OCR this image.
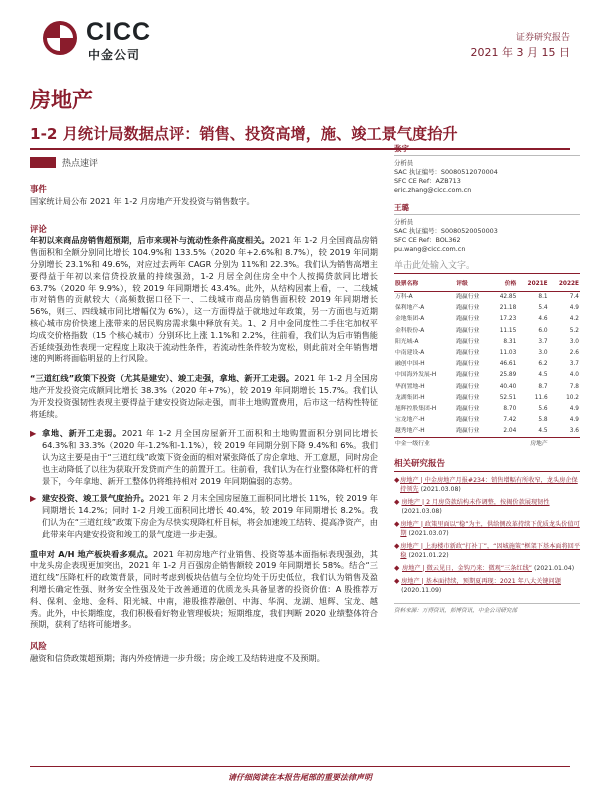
CICC
中金公司
证券研究报告
2021 年 3 月 15 日
房地产
1-2 月统计局数据点评：销售、投资高增，施、竣工景气度抬升
热点速评

事件

国家统计局公布 2021 年 1-2 月房地产开发投资与销售数字。

评论

年初以来商品房销售超预期，后市来现补与流动性条件高度相关。2021 年 1-2 月全国商品房销售面积和全额分别同比增长 104.9%和 133.5%（2020 年+2.6%和 8.7%），较 2019 年同期分别增长 23.1%和 49.6%，对应过去两年 CAGR 分别为 11%和 22.3%。我们认为销售高增主要得益于年初以来信贷投放量的持续强劲，1-2 月居全剑住房全中个人按揭贷款同比增长 63.7%（2020 年 9.9%），较 2019 年同期增长 43.4%。此外，从结构因素上看，一、二线城市对销售的贡献较大（高频数据口径下一、二线城市商品房销售面积较 2019 年同期增长 56%，则三、四线城市同比增幅仅为 6%），这一方面得益于就地过年政策，另一方面也与近期核心城市房价快速上涨带来的居民购房需求集中释放有关。1、2 月中金同度性二手住宅加权平均成交价格指数（15 个核心城市）分别环比上涨 1.1%和 2.2%，往前看，我们认为后市销售能否延续强劲性表现一定程度上取决于流动性条件，若流动性条件较为宽松，则此前对全年销售增速的判断将面临明显的上行风险。

“三道红线”政策下投资（尤其是建安）、竣工走强，拿地、新开工走弱。2021 年 1-2 月全国房地产开发投资完成额同比增长 38.3%（2020 年+7%），较 2019 年同期增长 15.7%。我们认为开发投资强韧性表现主要得益于建安投资边际走强，而非土地购置费用，后市这一结构性特征将延续。

▶ 拿地、新开工走弱。2021 年 1-2 月全国房屋新开工面积和土地购置面积分别同比增长 64.3%和 33.3%（2020 年-1.2%和-1.1%），较 2019 年同期分别下降 9.4%和 6%。我们认为这主要是由于“三道红线”政策下资金面的相对紧张降低了房企拿地、开工意愿，同时房企也主动降低了以往为获取开发贷而产生的前置开工。往前看，我们认为在行业整体降杠杆的背景下，今年拿地、新开工整体仍将维持相对 2019 年同期偏弱的态势。

▶ 建安投资、竣工景气度抬升。2021 年 2 月末全国房屋施工面积同比增长 11%，较 2019 年同期增长 14.2%；同时 1-2 月竣工面积同比增长 40.4%，较 2019 年同期增长 8.2%。我们认为在“三道红线”政策下房企为尽快实现降杠杆目标，将会加速竣工结转、提高净资产，由此带来年内建安投资和竣工的景气度进一步走强。

重申对 A/H 地产板块看多观点。2021 年初房地产行业销售、投资等基本面指标表现强劲，其中龙头房企表现更加突出，2021 年 1-2 月百强房企销售额较 2019 年同期增长 58%。结合“三道红线”压降杠杆的政策背景，同时考虑到板块估值与全位均处于历史低位，我们认为销售及盈利增长确定性强、财务安全性强及处于改善通道的优质龙头具备显著的投资价值：A 股推荐万科、保利、金地、金科、阳光城、中南，港股推荐融创、中海、华润、龙湖、旭辉、宝龙、越秀。此外，中长期维度，我们积极看好物业管理板块；短期维度，我们判断 2020 业绩整体符合预期，获利了结将可能增多。

风险

融资和信贷政策超预期；海内外疫情进一步升级；房企竣工及结转进度不及预期。

张宇
分析员
SAC 执证编号：S0080512070004
SFC CE Ref：AZB713
eric.zhang@cicc.com.cn
王璐
分析员
SAC 执证编号：S0080520050003
SFC CE Ref：BOL362
pu.wang@cicc.com.cn
单击此处输入文字。
股票名称	评级	价格	2021E	2022E
万科-A	跑赢行业	42.85	8.1	7.4
保利地产-A	跑赢行业	21.18	5.4	4.9
金地集团-A	跑赢行业	17.23	4.6	4.2
金科股份-A	跑赢行业	11.15	6.0	5.2
阳光城-A	跑赢行业	8.31	3.7	3.0
中南建设-A	跑赢行业	11.03	3.0	2.6
融创中国-H	跑赢行业	46.61	6.2	3.7
中国海外发展-H	跑赢行业	25.89	4.5	4.0
华润置地-H	跑赢行业	40.40	8.7	7.8
龙湖集团-H	跑赢行业	52.51	11.6	10.2
旭辉控股集团-H	跑赢行业	8.70	5.6	4.9
宝龙地产-H	跑赢行业	7.42	5.8	4.9
越秀地产-H	跑赢行业	2.04	4.5	3.6
中金一级行业			房地产	
相关研究报告
◆ 房地产 | 中金房地产月报#234：销售增幅有所收窄，龙头房企保持领先 (2021.03.08)
◆ 房地产 | 2 月房贷款结构未作调整，按揭价款展现韧性 (2021.03.08)
◆ 房地产 | 政策里面以“稳”为主，供给侧改革持续下优质龙头价值可期 (2021.03.07)
◆ 房地产 | 上海楼市新政“打补丁”，“因城施策”框架下基本面将回平稳 (2021.01.22)
◆ 房地产 | 微云见日，金钩乃来：微观“三条红线” (2021.01.04)
◆ 房地产 | 基本面持续，预期夏再现：2021 年八大关键问题 (2020.11.09)
资料来源：万得资讯，彭博资讯，中金公司研究部
请仔细阅读在本报告尾部的重要法律声明
